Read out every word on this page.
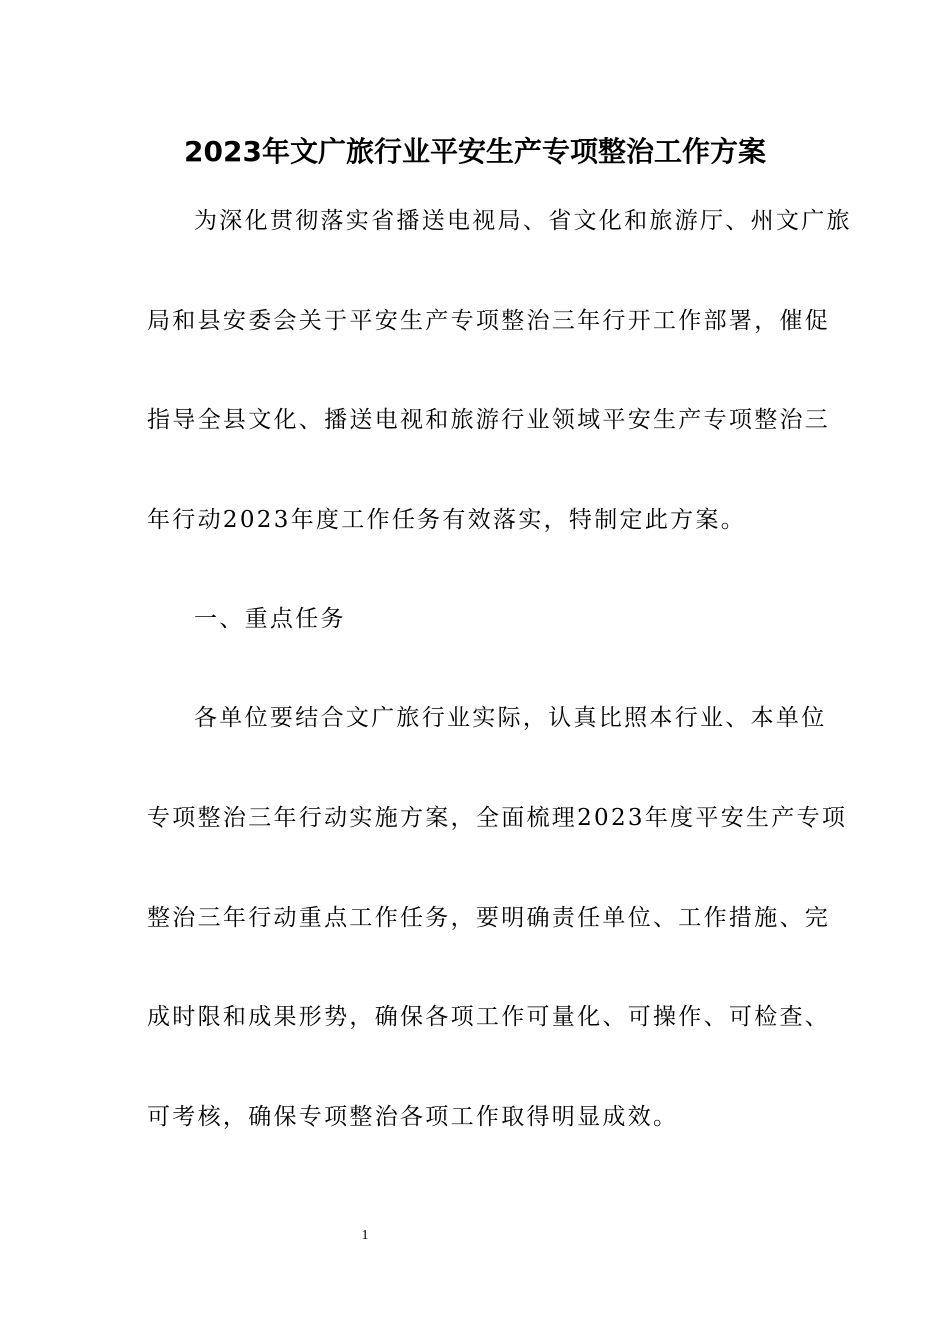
2023年文广旅行业平安生产专项整治工作方案

为深化贯彻落实省播送电视局、省文化和旅游厅、州文广旅

局和县安委会关于平安生产专项整治三年行开工作部署，催促

指导全县文化、播送电视和旅游行业领域平安生产专项整治三

年行动2023年度工作任务有效落实，特制定此方案。

一、重点任务

各单位要结合文广旅行业实际，认真比照本行业、本单位

专项整治三年行动实施方案，全面梳理2023年度平安生产专项

整治三年行动重点工作任务，要明确责任单位、工作措施、完

成时限和成果形势，确保各项工作可量化、可操作、可检查、

可考核，确保专项整治各项工作取得明显成效。

1
